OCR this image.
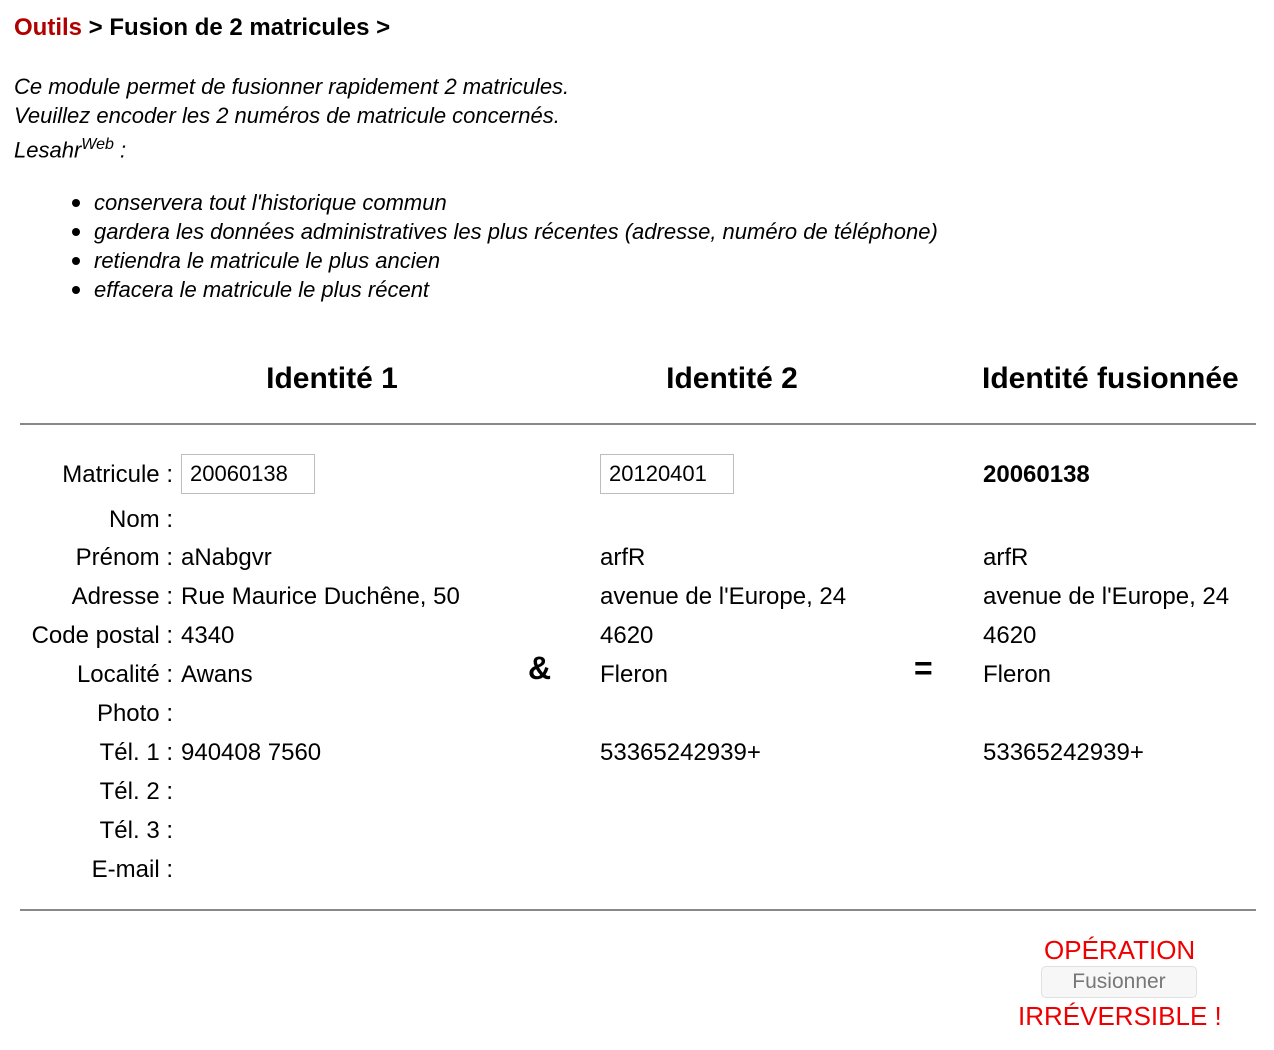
Outils > Fusion de 2 matricules >
Ce module permet de fusionner rapidement 2 matricules.
Veuillez encoder les 2 numéros de matricule concernés.
Lesahr$^{Web}$ :
conservera tout l'historique commun
gardera les données administratives les plus récentes (adresse, numéro de téléphone)
retiendra le matricule le plus ancien
effacera le matricule le plus récent
Identité 1	Identité 2	Identité fusionnée
Matricule :
Nom :
Prénom :
Adresse :
Code postal :
Localité :
Photo :
Tél. 1 :
Tél. 2 :
Tél. 3 :
E-mail :
20060138
aNabgvr
Rue Maurice Duchêne, 50
4340
Awans
940408 7560
&
20120401
arfR
avenue de l'Europe, 24
4620
Fleron
53365242939+
=
20060138
arfR
avenue de l'Europe, 24
4620
Fleron
53365242939+
OPÉRATION
Fusionner
IRRÉVERSIBLE !
